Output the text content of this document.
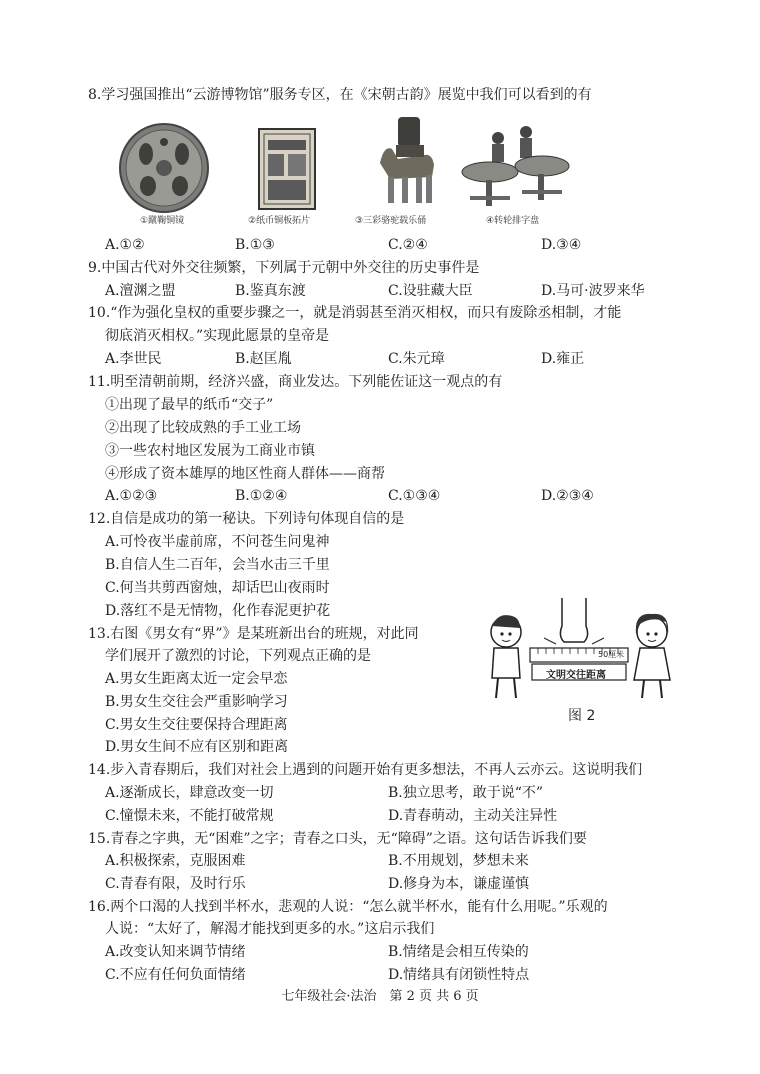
8.学习强国推出“云游博物馆”服务专区，在《宋朝古韵》展览中我们可以看到的有
①蹴鞠铜镜	②纸币铜板拓片	③三彩骆驼载乐俑	④转轮排字盘
A.①②	B.①③	C.②④	D.③④
9.中国古代对外交往频繁，下列属于元朝中外交往的历史事件是
A.澶渊之盟	B.鉴真东渡	C.设驻藏大臣	D.马可·波罗来华
10.“作为强化皇权的重要步骤之一，就是消弱甚至消灭相权，而只有废除丞相制，才能
彻底消灭相权。”实现此愿景的皇帝是
A.李世民	B.赵匡胤	C.朱元璋	D.雍正
11.明至清朝前期，经济兴盛，商业发达。下列能佐证这一观点的有
①出现了最早的纸币“交子”
②出现了比较成熟的手工业工场
③一些农村地区发展为工商业市镇
④形成了资本雄厚的地区性商人群体——商帮
A.①②③	B.①②④	C.①③④	D.②③④
12.自信是成功的第一秘诀。下列诗句体现自信的是
A.可怜夜半虚前席，不问苍生问鬼神
B.自信人生二百年，会当水击三千里
C.何当共剪西窗烛，却话巴山夜雨时
D.落红不是无情物，化作春泥更护花
13.右图《男女有“界”》是某班新出台的班规，对此同
学们展开了激烈的讨论，下列观点正确的是
A.男女生距离太近一定会早恋
B.男女生交往会严重影响学习
C.男女生交往要保持合理距离
D.男女生间不应有区别和距离
50厘米
文明交往距离
图 2
14.步入青春期后，我们对社会上遇到的问题开始有更多想法，不再人云亦云。这说明我们
A.逐渐成长，肆意改变一切	B.独立思考，敢于说“不”
C.憧憬未来，不能打破常规	D.青春萌动，主动关注异性
15.青春之字典，无“困难”之字；青春之口头，无“障碍”之语。这句话告诉我们要
A.积极探索，克服困难	B.不用规划，梦想未来
C.青春有限，及时行乐	D.修身为本，谦虚谨慎
16.两个口渴的人找到半杯水，悲观的人说：“怎么就半杯水，能有什么用呢。”乐观的
人说：“太好了，解渴才能找到更多的水。”这启示我们
A.改变认知来调节情绪	B.情绪是会相互传染的
C.不应有任何负面情绪	D.情绪具有闭锁性特点
七年级社会·法治　第 2 页 共 6 页
